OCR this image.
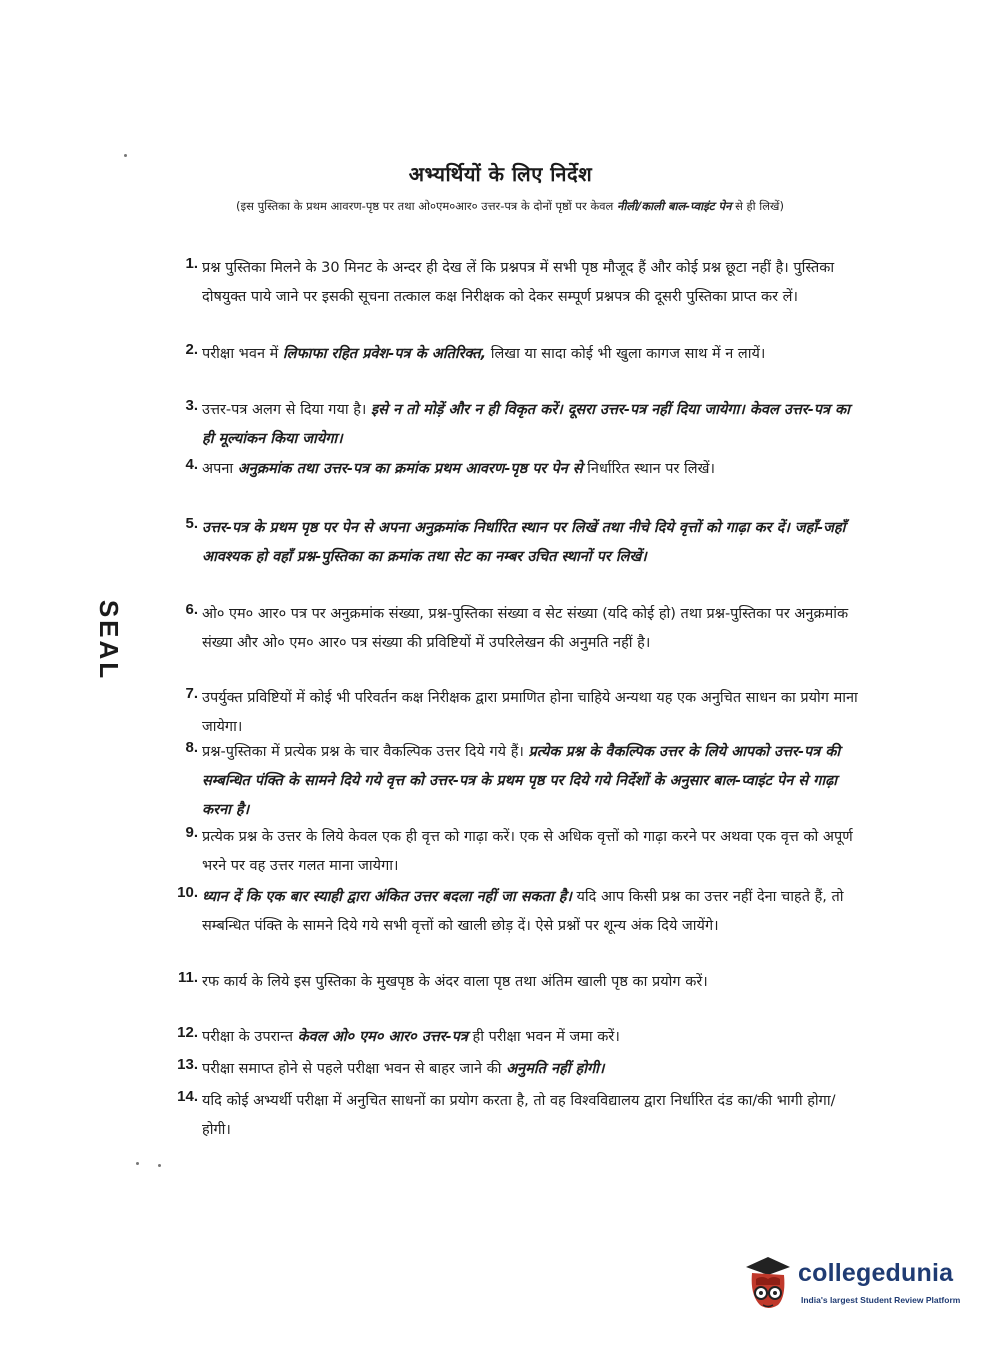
अभ्यर्थियों के लिए निर्देश
(इस पुस्तिका के प्रथम आवरण-पृष्ठ पर तथा ओ०एम०आर० उत्तर-पत्र के दोनों पृष्ठों पर केवल नीली/काली बाल-प्वाइंट पेन से ही लिखें)
SEAL
1. प्रश्न पुस्तिका मिलने के 30 मिनट के अन्दर ही देख लें कि प्रश्नपत्र में सभी पृष्ठ मौजूद हैं और कोई प्रश्न छूटा नहीं है। पुस्तिका दोषयुक्त पाये जाने पर इसकी सूचना तत्काल कक्ष निरीक्षक को देकर सम्पूर्ण प्रश्नपत्र की दूसरी पुस्तिका प्राप्त कर लें।
2. परीक्षा भवन में लिफाफा रहित प्रवेश-पत्र के अतिरिक्त, लिखा या सादा कोई भी खुला कागज साथ में न लायें।
3. उत्तर-पत्र अलग से दिया गया है। इसे न तो मोड़ें और न ही विकृत करें। दूसरा उत्तर-पत्र नहीं दिया जायेगा। केवल उत्तर-पत्र का ही मूल्यांकन किया जायेगा।
4. अपना अनुक्रमांक तथा उत्तर-पत्र का क्रमांक प्रथम आवरण-पृष्ठ पर पेन से निर्धारित स्थान पर लिखें।
5. उत्तर-पत्र के प्रथम पृष्ठ पर पेन से अपना अनुक्रमांक निर्धारित स्थान पर लिखें तथा नीचे दिये वृत्तों को गाढ़ा कर दें। जहाँ-जहाँ आवश्यक हो वहाँ प्रश्न-पुस्तिका का क्रमांक तथा सेट का नम्बर उचित स्थानों पर लिखें।
6. ओ० एम० आर० पत्र पर अनुक्रमांक संख्या, प्रश्न-पुस्तिका संख्या व सेट संख्या (यदि कोई हो) तथा प्रश्न-पुस्तिका पर अनुक्रमांक संख्या और ओ० एम० आर० पत्र संख्या की प्रविष्टियों में उपरिलेखन की अनुमति नहीं है।
7. उपर्युक्त प्रविष्टियों में कोई भी परिवर्तन कक्ष निरीक्षक द्वारा प्रमाणित होना चाहिये अन्यथा यह एक अनुचित साधन का प्रयोग माना जायेगा।
8. प्रश्न-पुस्तिका में प्रत्येक प्रश्न के चार वैकल्पिक उत्तर दिये गये हैं। प्रत्येक प्रश्न के वैकल्पिक उत्तर के लिये आपको उत्तर-पत्र की सम्बन्धित पंक्ति के सामने दिये गये वृत्त को उत्तर-पत्र के प्रथम पृष्ठ पर दिये गये निर्देशों के अनुसार बाल-प्वाइंट पेन से गाढ़ा करना है।
9. प्रत्येक प्रश्न के उत्तर के लिये केवल एक ही वृत्त को गाढ़ा करें। एक से अधिक वृत्तों को गाढ़ा करने पर अथवा एक वृत्त को अपूर्ण भरने पर वह उत्तर गलत माना जायेगा।
10. ध्यान दें कि एक बार स्याही द्वारा अंकित उत्तर बदला नहीं जा सकता है। यदि आप किसी प्रश्न का उत्तर नहीं देना चाहते हैं, तो सम्बन्धित पंक्ति के सामने दिये गये सभी वृत्तों को खाली छोड़ दें। ऐसे प्रश्नों पर शून्य अंक दिये जायेंगे।
11. रफ कार्य के लिये इस पुस्तिका के मुखपृष्ठ के अंदर वाला पृष्ठ तथा अंतिम खाली पृष्ठ का प्रयोग करें।
12. परीक्षा के उपरान्त केवल ओ० एम० आर० उत्तर-पत्र ही परीक्षा भवन में जमा करें।
13. परीक्षा समाप्त होने से पहले परीक्षा भवन से बाहर जाने की अनुमति नहीं होगी।
14. यदि कोई अभ्यर्थी परीक्षा में अनुचित साधनों का प्रयोग करता है, तो वह विश्वविद्यालय द्वारा निर्धारित दंड का/की भागी होगा/होगी।
collegedunia
India's largest Student Review Platform
